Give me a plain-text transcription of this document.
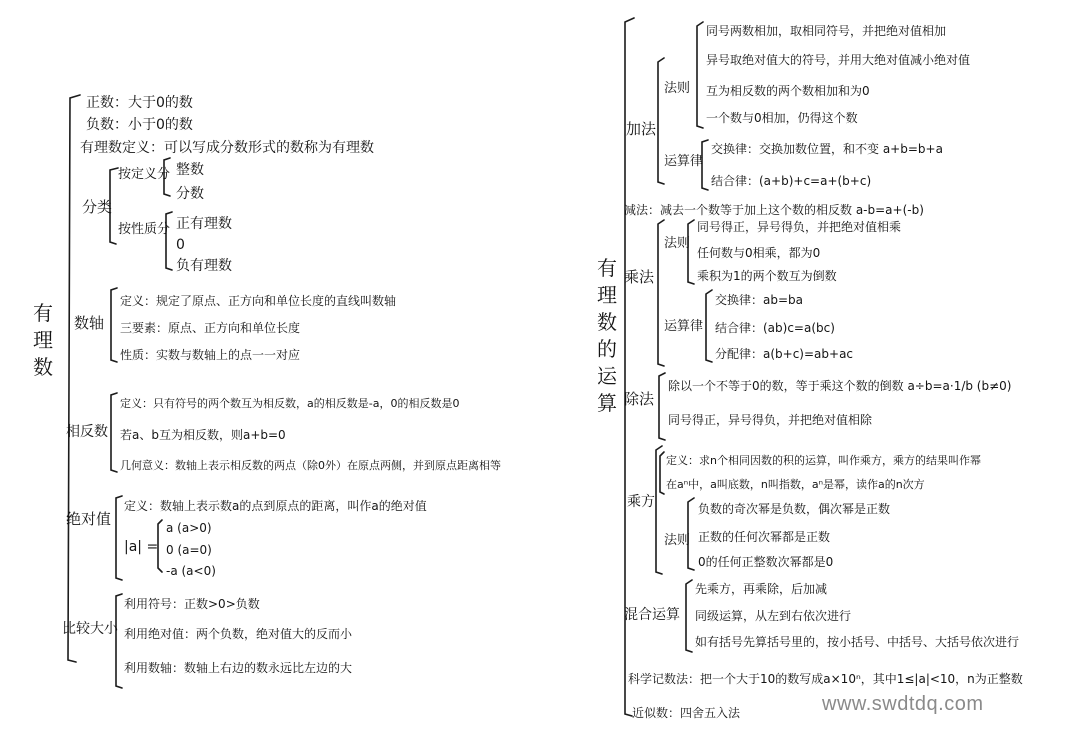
有理数
正数：大于0的数
负数：小于0的数
有理数定义：可以写成分数形式的数称为有理数
分类
按定义分 整数
分数
按性质分 正有理数
0
负有理数
数轴
定义：规定了原点、正方向和单位长度的直线叫数轴
三要素：原点、正方向和单位长度
性质：实数与数轴上的点一一对应
相反数
定义：只有符号的两个数互为相反数，a的相反数是-a，0的相反数是0
若a、b互为相反数，则a+b=0
几何意义：数轴上表示相反数的两点（除0外）在原点两侧，并到原点距离相等
绝对值
定义：数轴上表示数a的点到原点的距离，叫作a的绝对值
|a| =
a (a>0)
0 (a=0)
-a (a<0)
比较大小
利用符号：正数>0>负数
利用绝对值：两个负数，绝对值大的反而小
利用数轴：数轴上右边的数永远比左边的大
有理数的运算
加法
法则
同号两数相加，取相同符号，并把绝对值相加
异号取绝对值大的符号，并用大绝对值减小绝对值
互为相反数的两个数相加和为0
一个数与0相加，仍得这个数
运算律
交换律：交换加数位置，和不变 a+b=b+a
结合律：(a+b)+c=a+(b+c)
减法：减去一个数等于加上这个数的相反数 a-b=a+(-b)
乘法
法则
同号得正，异号得负，并把绝对值相乘
任何数与0相乘，都为0
乘积为1的两个数互为倒数
运算律
交换律：ab=ba
结合律：(ab)c=a(bc)
分配律：a(b+c)=ab+ac
除法
除以一个不等于0的数，等于乘这个数的倒数 a÷b=a·1/b (b≠0)
同号得正，异号得负，并把绝对值相除
乘方
定义：求n个相同因数的积的运算，叫作乘方，乘方的结果叫作幂
在aⁿ中，a叫底数，n叫指数，aⁿ是幂，读作a的n次方
法则
负数的奇次幂是负数，偶次幂是正数
正数的任何次幂都是正数
0的任何正整数次幂都是0
混合运算
先乘方，再乘除，后加减
同级运算，从左到右依次进行
如有括号先算括号里的，按小括号、中括号、大括号依次进行
科学记数法：把一个大于10的数写成a×10ⁿ，其中1≤|a|<10，n为正整数
近似数：四舍五入法	www.swdtdq.com
